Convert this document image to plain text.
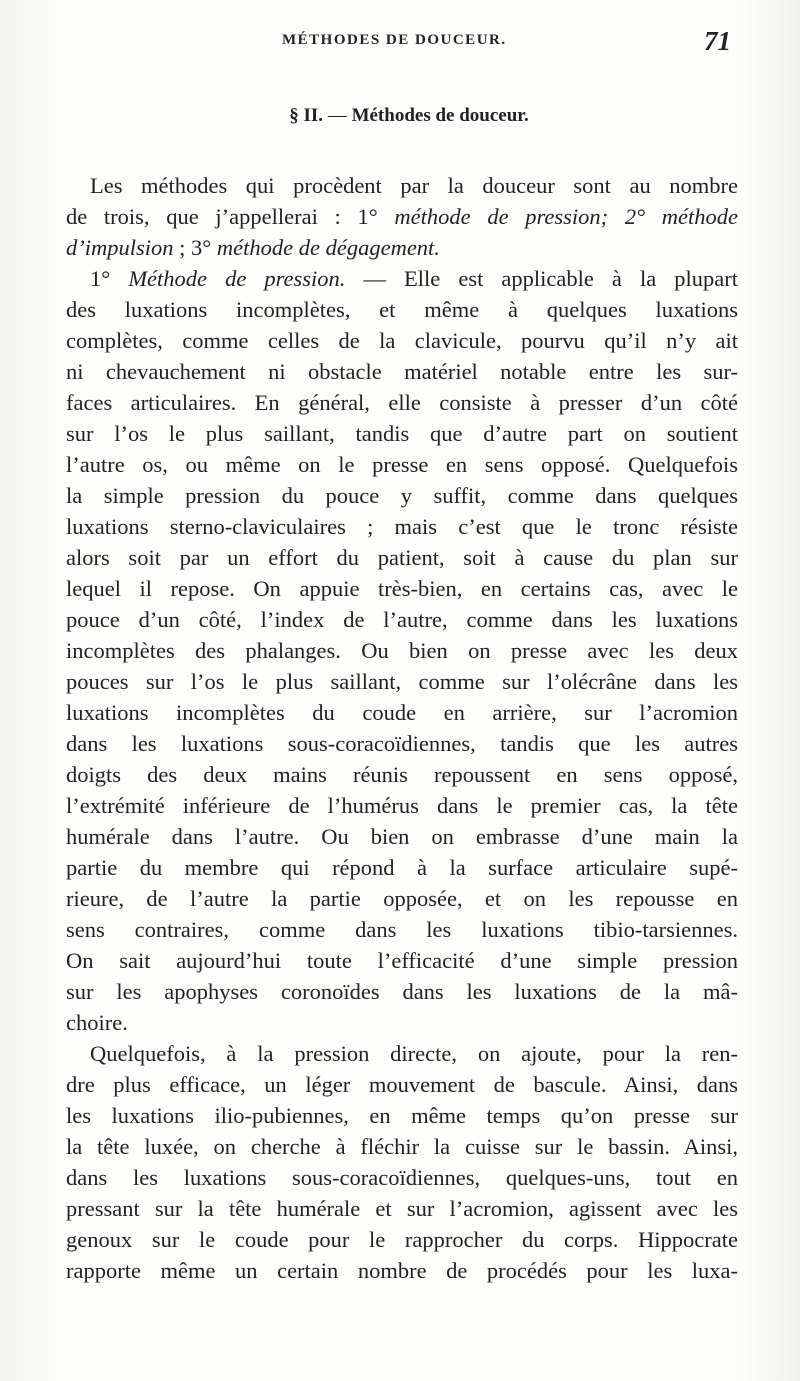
MÉTHODES DE DOUCEUR.	71
§ II. — Méthodes de douceur.
Les méthodes qui procèdent par la douceur sont au nombre
de trois, que j’appellerai : 1° méthode de pression; 2° méthode
d’impulsion ; 3° méthode de dégagement.
1° Méthode de pression. — Elle est applicable à la plupart
des luxations incomplètes, et même à quelques luxations
complètes, comme celles de la clavicule, pourvu qu’il n’y ait
ni chevauchement ni obstacle matériel notable entre les sur-
faces articulaires. En général, elle consiste à presser d’un côté
sur l’os le plus saillant, tandis que d’autre part on soutient
l’autre os, ou même on le presse en sens opposé. Quelquefois
la simple pression du pouce y suffit, comme dans quelques
luxations sterno-claviculaires ; mais c’est que le tronc résiste
alors soit par un effort du patient, soit à cause du plan sur
lequel il repose. On appuie très-bien, en certains cas, avec le
pouce d’un côté, l’index de l’autre, comme dans les luxations
incomplètes des phalanges. Ou bien on presse avec les deux
pouces sur l’os le plus saillant, comme sur l’olécrâne dans les
luxations incomplètes du coude en arrière, sur l’acromion
dans les luxations sous-coracoïdiennes, tandis que les autres
doigts des deux mains réunis repoussent en sens opposé,
l’extrémité inférieure de l’humérus dans le premier cas, la tête
humérale dans l’autre. Ou bien on embrasse d’une main la
partie du membre qui répond à la surface articulaire supé-
rieure, de l’autre la partie opposée, et on les repousse en
sens contraires, comme dans les luxations tibio-tarsiennes.
On sait aujourd’hui toute l’efficacité d’une simple pression
sur les apophyses coronoïdes dans les luxations de la mâ-
choire.
Quelquefois, à la pression directe, on ajoute, pour la ren-
dre plus efficace, un léger mouvement de bascule. Ainsi, dans
les luxations ilio-pubiennes, en même temps qu’on presse sur
la tête luxée, on cherche à fléchir la cuisse sur le bassin. Ainsi,
dans les luxations sous-coracoïdiennes, quelques-uns, tout en
pressant sur la tête humérale et sur l’acromion, agissent avec les
genoux sur le coude pour le rapprocher du corps. Hippocrate
rapporte même un certain nombre de procédés pour les luxa-
